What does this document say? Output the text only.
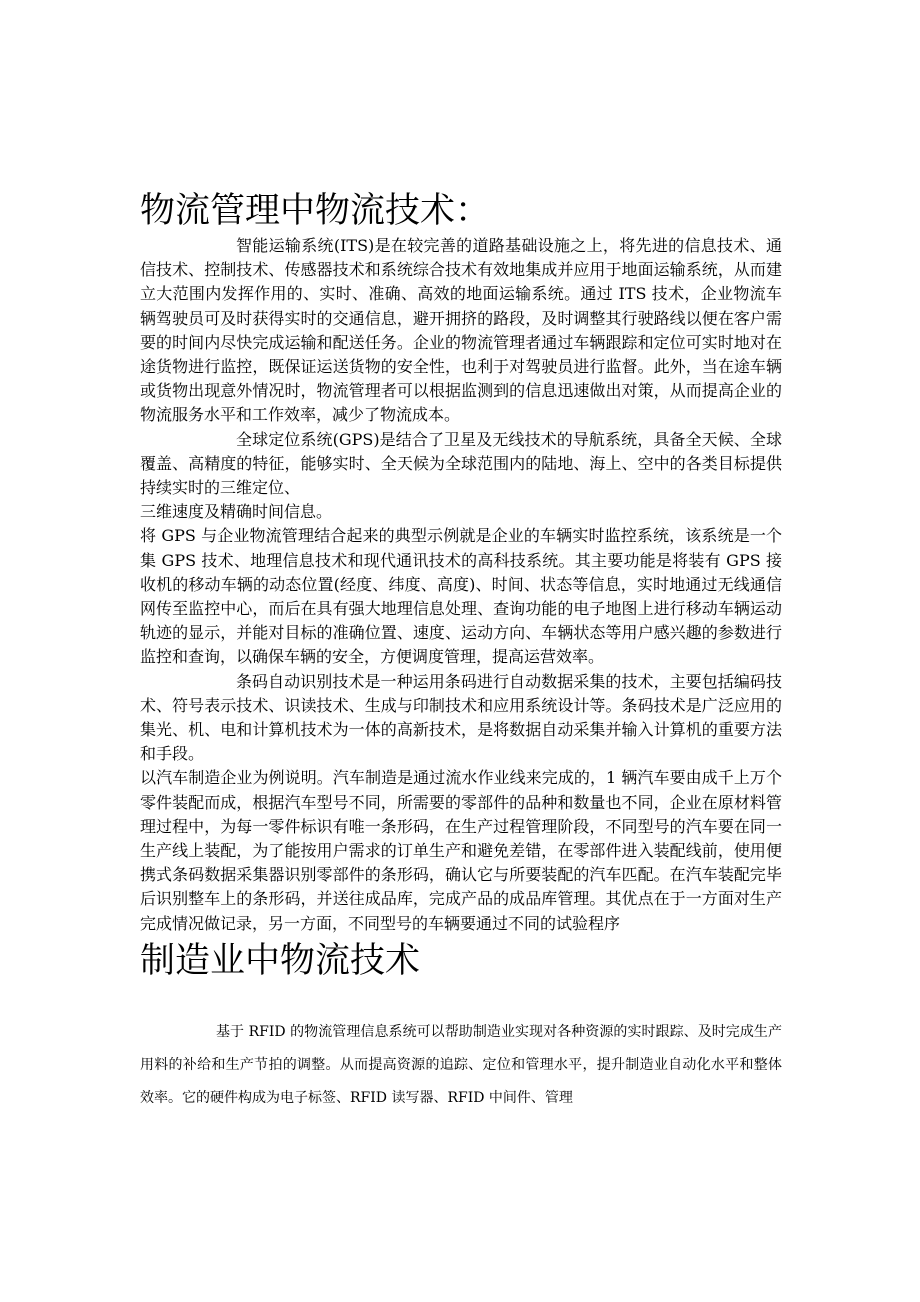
物流管理中物流技术：

智能运输系统(ITS)是在较完善的道路基础设施之上，将先进的信息技术、通信技术、控制技术、传感器技术和系统综合技术有效地集成并应用于地面运输系统，从而建立大范围内发挥作用的、实时、准确、高效的地面运输系统。通过 ITS 技术，企业物流车辆驾驶员可及时获得实时的交通信息，避开拥挤的路段，及时调整其行驶路线以便在客户需要的时间内尽快完成运输和配送任务。企业的物流管理者通过车辆跟踪和定位可实时地对在途货物进行监控，既保证运送货物的安全性，也利于对驾驶员进行监督。此外，当在途车辆或货物出现意外情况时，物流管理者可以根据监测到的信息迅速做出对策，从而提高企业的物流服务水平和工作效率，减少了物流成本。

全球定位系统(GPS)是结合了卫星及无线技术的导航系统，具备全天候、全球覆盖、高精度的特征，能够实时、全天候为全球范围内的陆地、海上、空中的各类目标提供持续实时的三维定位、

三维速度及精确时间信息。

将 GPS 与企业物流管理结合起来的典型示例就是企业的车辆实时监控系统，该系统是一个集 GPS 技术、地理信息技术和现代通讯技术的高科技系统。其主要功能是将装有 GPS 接收机的移动车辆的动态位置(经度、纬度、高度)、时间、状态等信息，实时地通过无线通信网传至监控中心，而后在具有强大地理信息处理、查询功能的电子地图上进行移动车辆运动轨迹的显示，并能对目标的准确位置、速度、运动方向、车辆状态等用户感兴趣的参数进行监控和查询，以确保车辆的安全，方便调度管理，提高运营效率。

条码自动识别技术是一种运用条码进行自动数据采集的技术，主要包括编码技术、符号表示技术、识读技术、生成与印制技术和应用系统设计等。条码技术是广泛应用的集光、机、电和计算机技术为一体的高新技术，是将数据自动采集并输入计算机的重要方法和手段。

以汽车制造企业为例说明。汽车制造是通过流水作业线来完成的，1 辆汽车要由成千上万个零件装配而成，根据汽车型号不同，所需要的零部件的品种和数量也不同，企业在原材料管理过程中，为每一零件标识有唯一条形码，在生产过程管理阶段，不同型号的汽车要在同一生产线上装配，为了能按用户需求的订单生产和避免差错，在零部件进入装配线前，使用便携式条码数据采集器识别零部件的条形码，确认它与所要装配的汽车匹配。在汽车装配完毕后识别整车上的条形码，并送往成品库，完成产品的成品库管理。其优点在于一方面对生产完成情况做记录，另一方面，不同型号的车辆要通过不同的试验程序

制造业中物流技术

基于 RFID 的物流管理信息系统可以帮助制造业实现对各种资源的实时跟踪、及时完成生产用料的补给和生产节拍的调整。从而提高资源的追踪、定位和管理水平，提升制造业自动化水平和整体效率。它的硬件构成为电子标签、RFID 读写器、RFID 中间件、管理
